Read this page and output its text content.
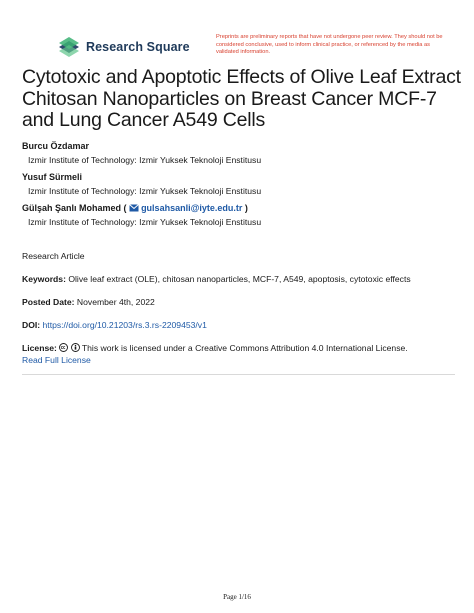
Research Square
Preprints are preliminary reports that have not undergone peer review. They should not be considered conclusive, used to inform clinical practice, or referenced by the media as validated information.
Cytotoxic and Apoptotic Effects of Olive Leaf Extract Chitosan Nanoparticles on Breast Cancer MCF-7 and Lung Cancer A549 Cells
Burcu Özdamar
Izmir Institute of Technology: Izmir Yuksek Teknoloji Enstitusu
Yusuf Sürmeli
Izmir Institute of Technology: Izmir Yuksek Teknoloji Enstitusu
Gülşah Şanlı Mohamed ( gulsahsanli@iyte.edu.tr )
Izmir Institute of Technology: Izmir Yuksek Teknoloji Enstitusu
Research Article
Keywords: Olive leaf extract (OLE), chitosan nanoparticles, MCF-7, A549, apoptosis, cytotoxic effects
Posted Date: November 4th, 2022
DOI: https://doi.org/10.21203/rs.3.rs-2209453/v1
License:	This work is licensed under a Creative Commons Attribution 4.0 International License.
Read Full License
Page 1/16
